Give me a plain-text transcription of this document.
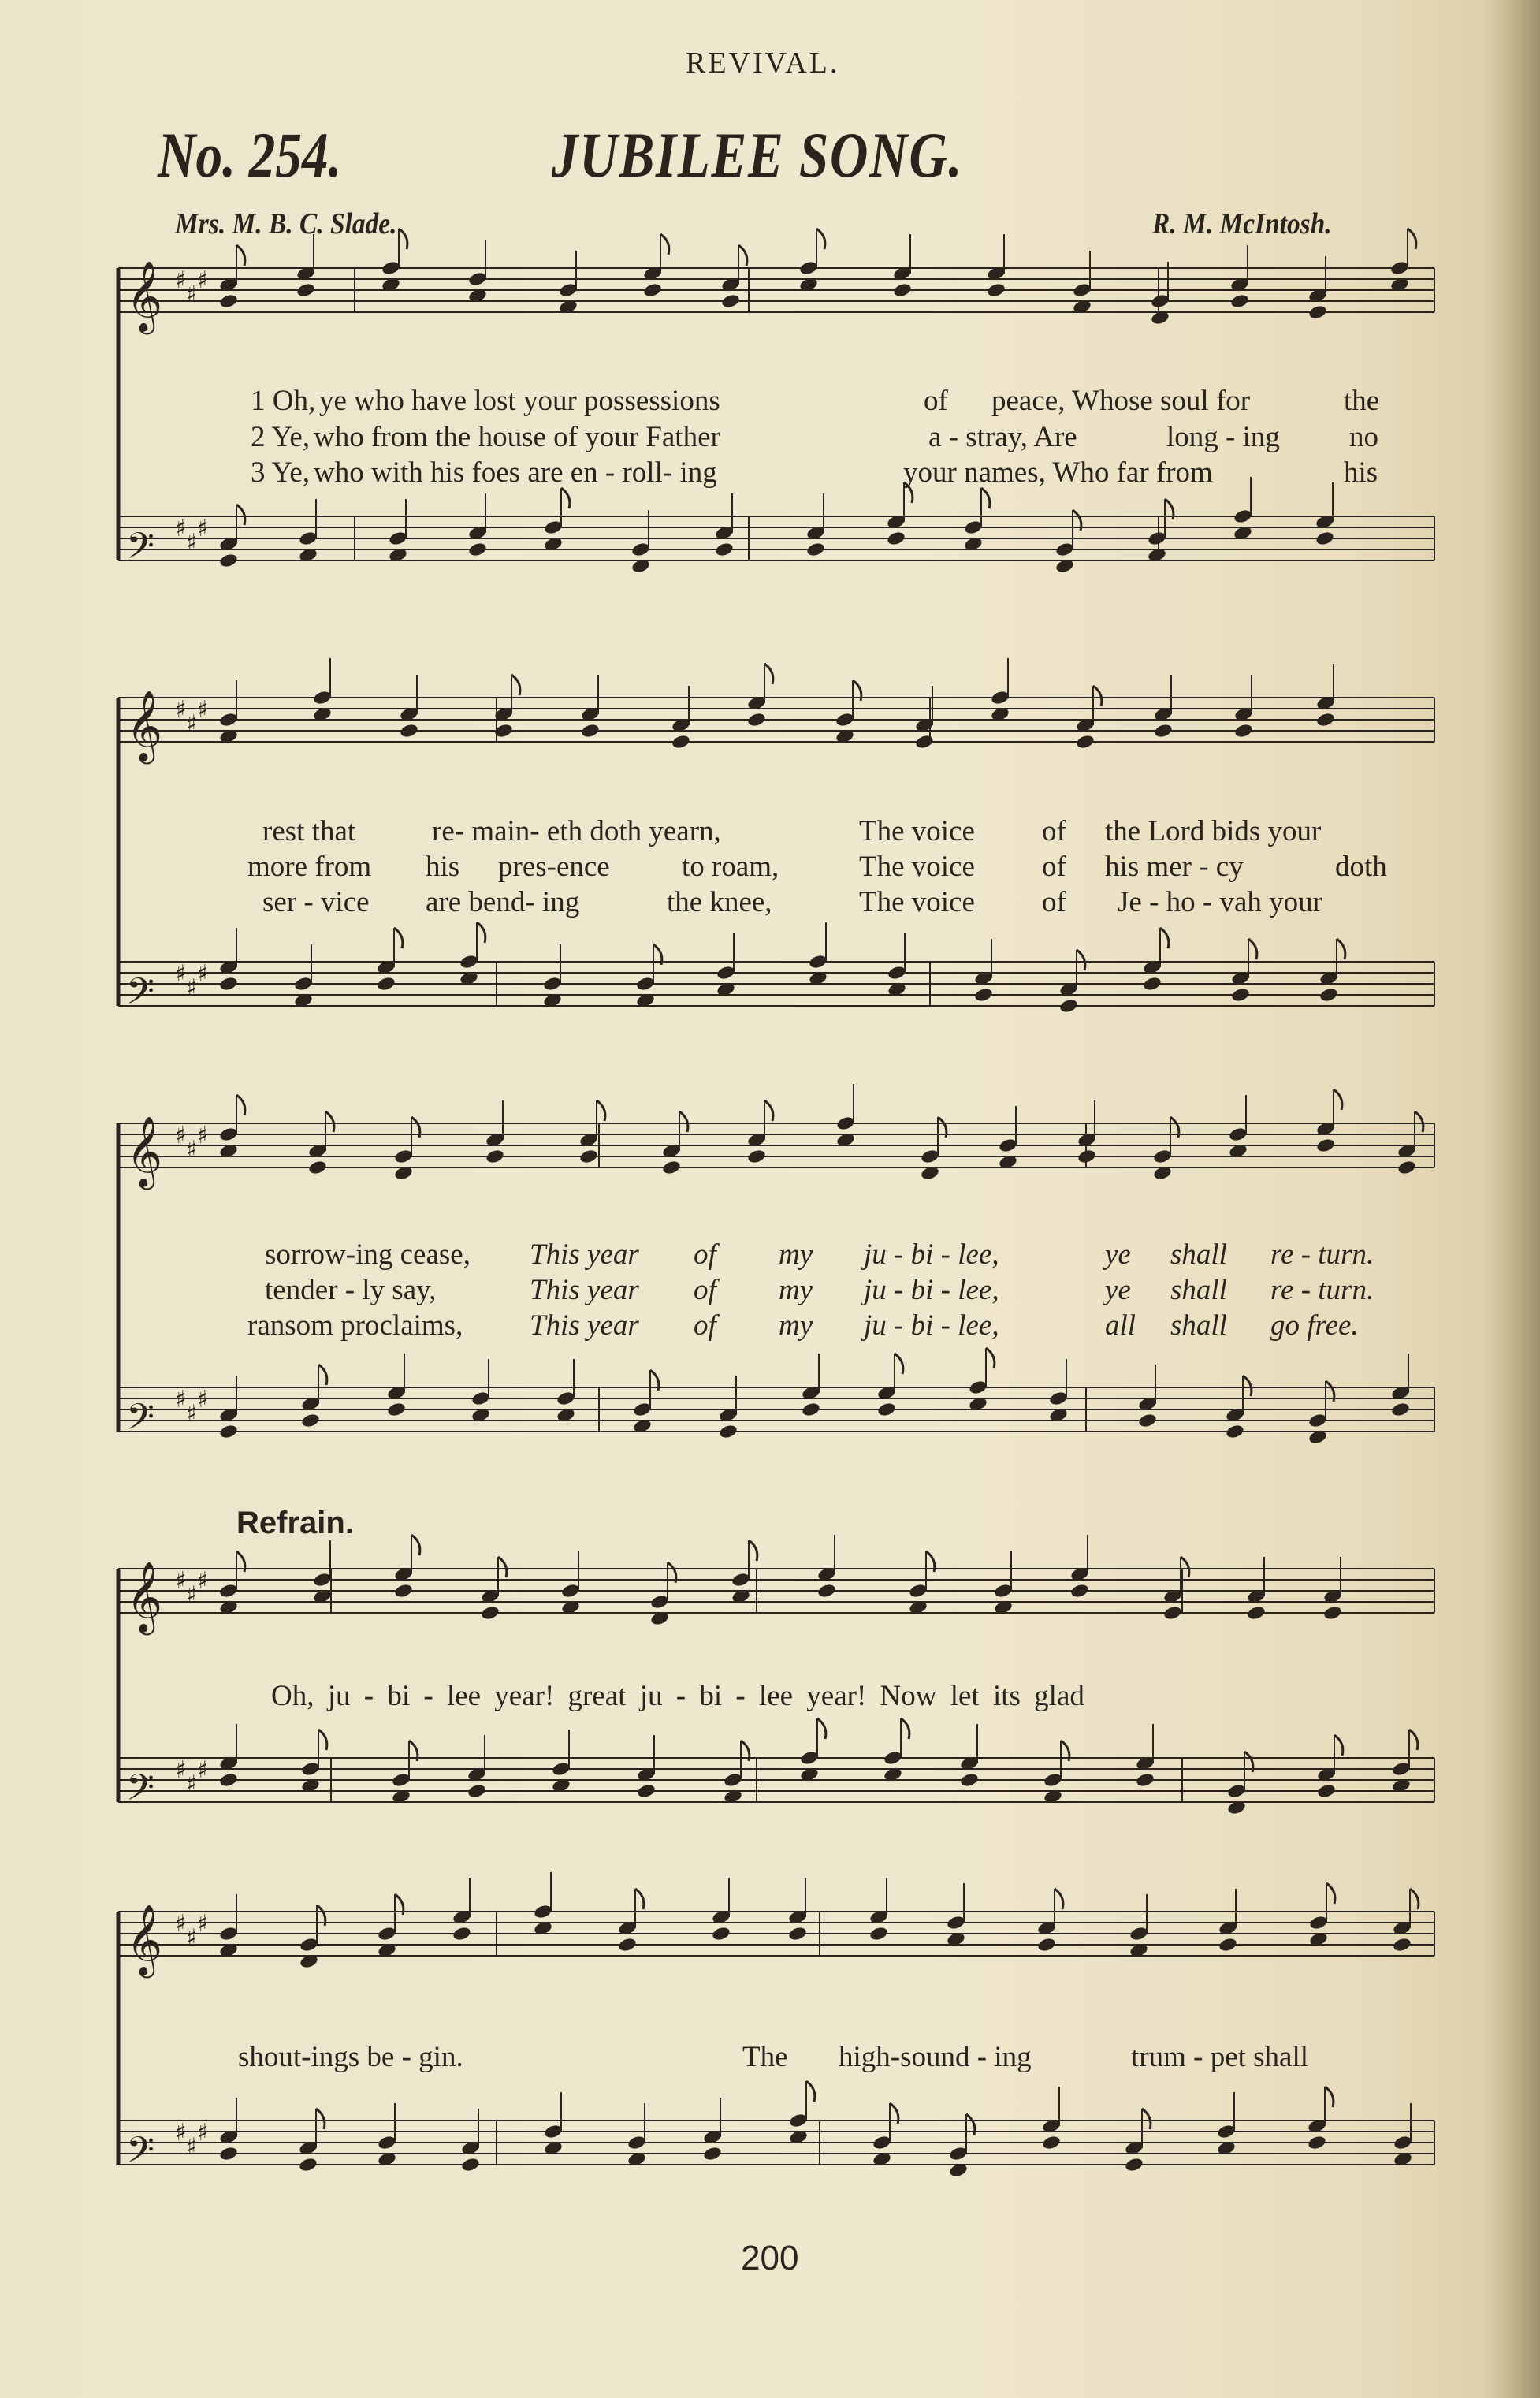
REVIVAL.
No. 254.	JUBILEE SONG.
Mrs. M. B. C. Slade.	R. M. McIntosh.
𝄞 ♯
♯
♯
𝄢 ♯
♯
♯
1 Oh, ye who have lost your possessions	of peace, Whose soul for	the
2 Ye, who from the house of your Father	a - stray, Are	long - ing no
3 Ye, who with his foes are en - roll- ing	your names, Who far from	his
𝄞 ♯
♯
♯
𝄢 ♯
♯
♯
rest that	re- main- eth doth yearn,	The voice of the Lord bids your
more from his pres-ence to roam,	The voice of his mer - cy	doth
ser - vice are bend- ing	the knee,	The voice of Je - ho - vah your
𝄞 ♯
♯
♯
𝄢 ♯
♯
♯
sorrow-ing cease, This year of my ju - bi - lee,	ye shall re - turn.
tender - ly say,	This year of my ju - bi - lee,	ye shall re - turn.
ransom proclaims, This year of my ju - bi - lee,	all shall go free.
Refrain.
𝄞 ♯
♯
♯
𝄢 ♯
♯
♯
Oh, ju - bi - lee year! great ju - bi - lee year! Now let its glad
𝄞 ♯
♯
♯
𝄢 ♯
♯
♯
shout-ings be - gin.	The high-sound - ing	trum - pet shall
200
